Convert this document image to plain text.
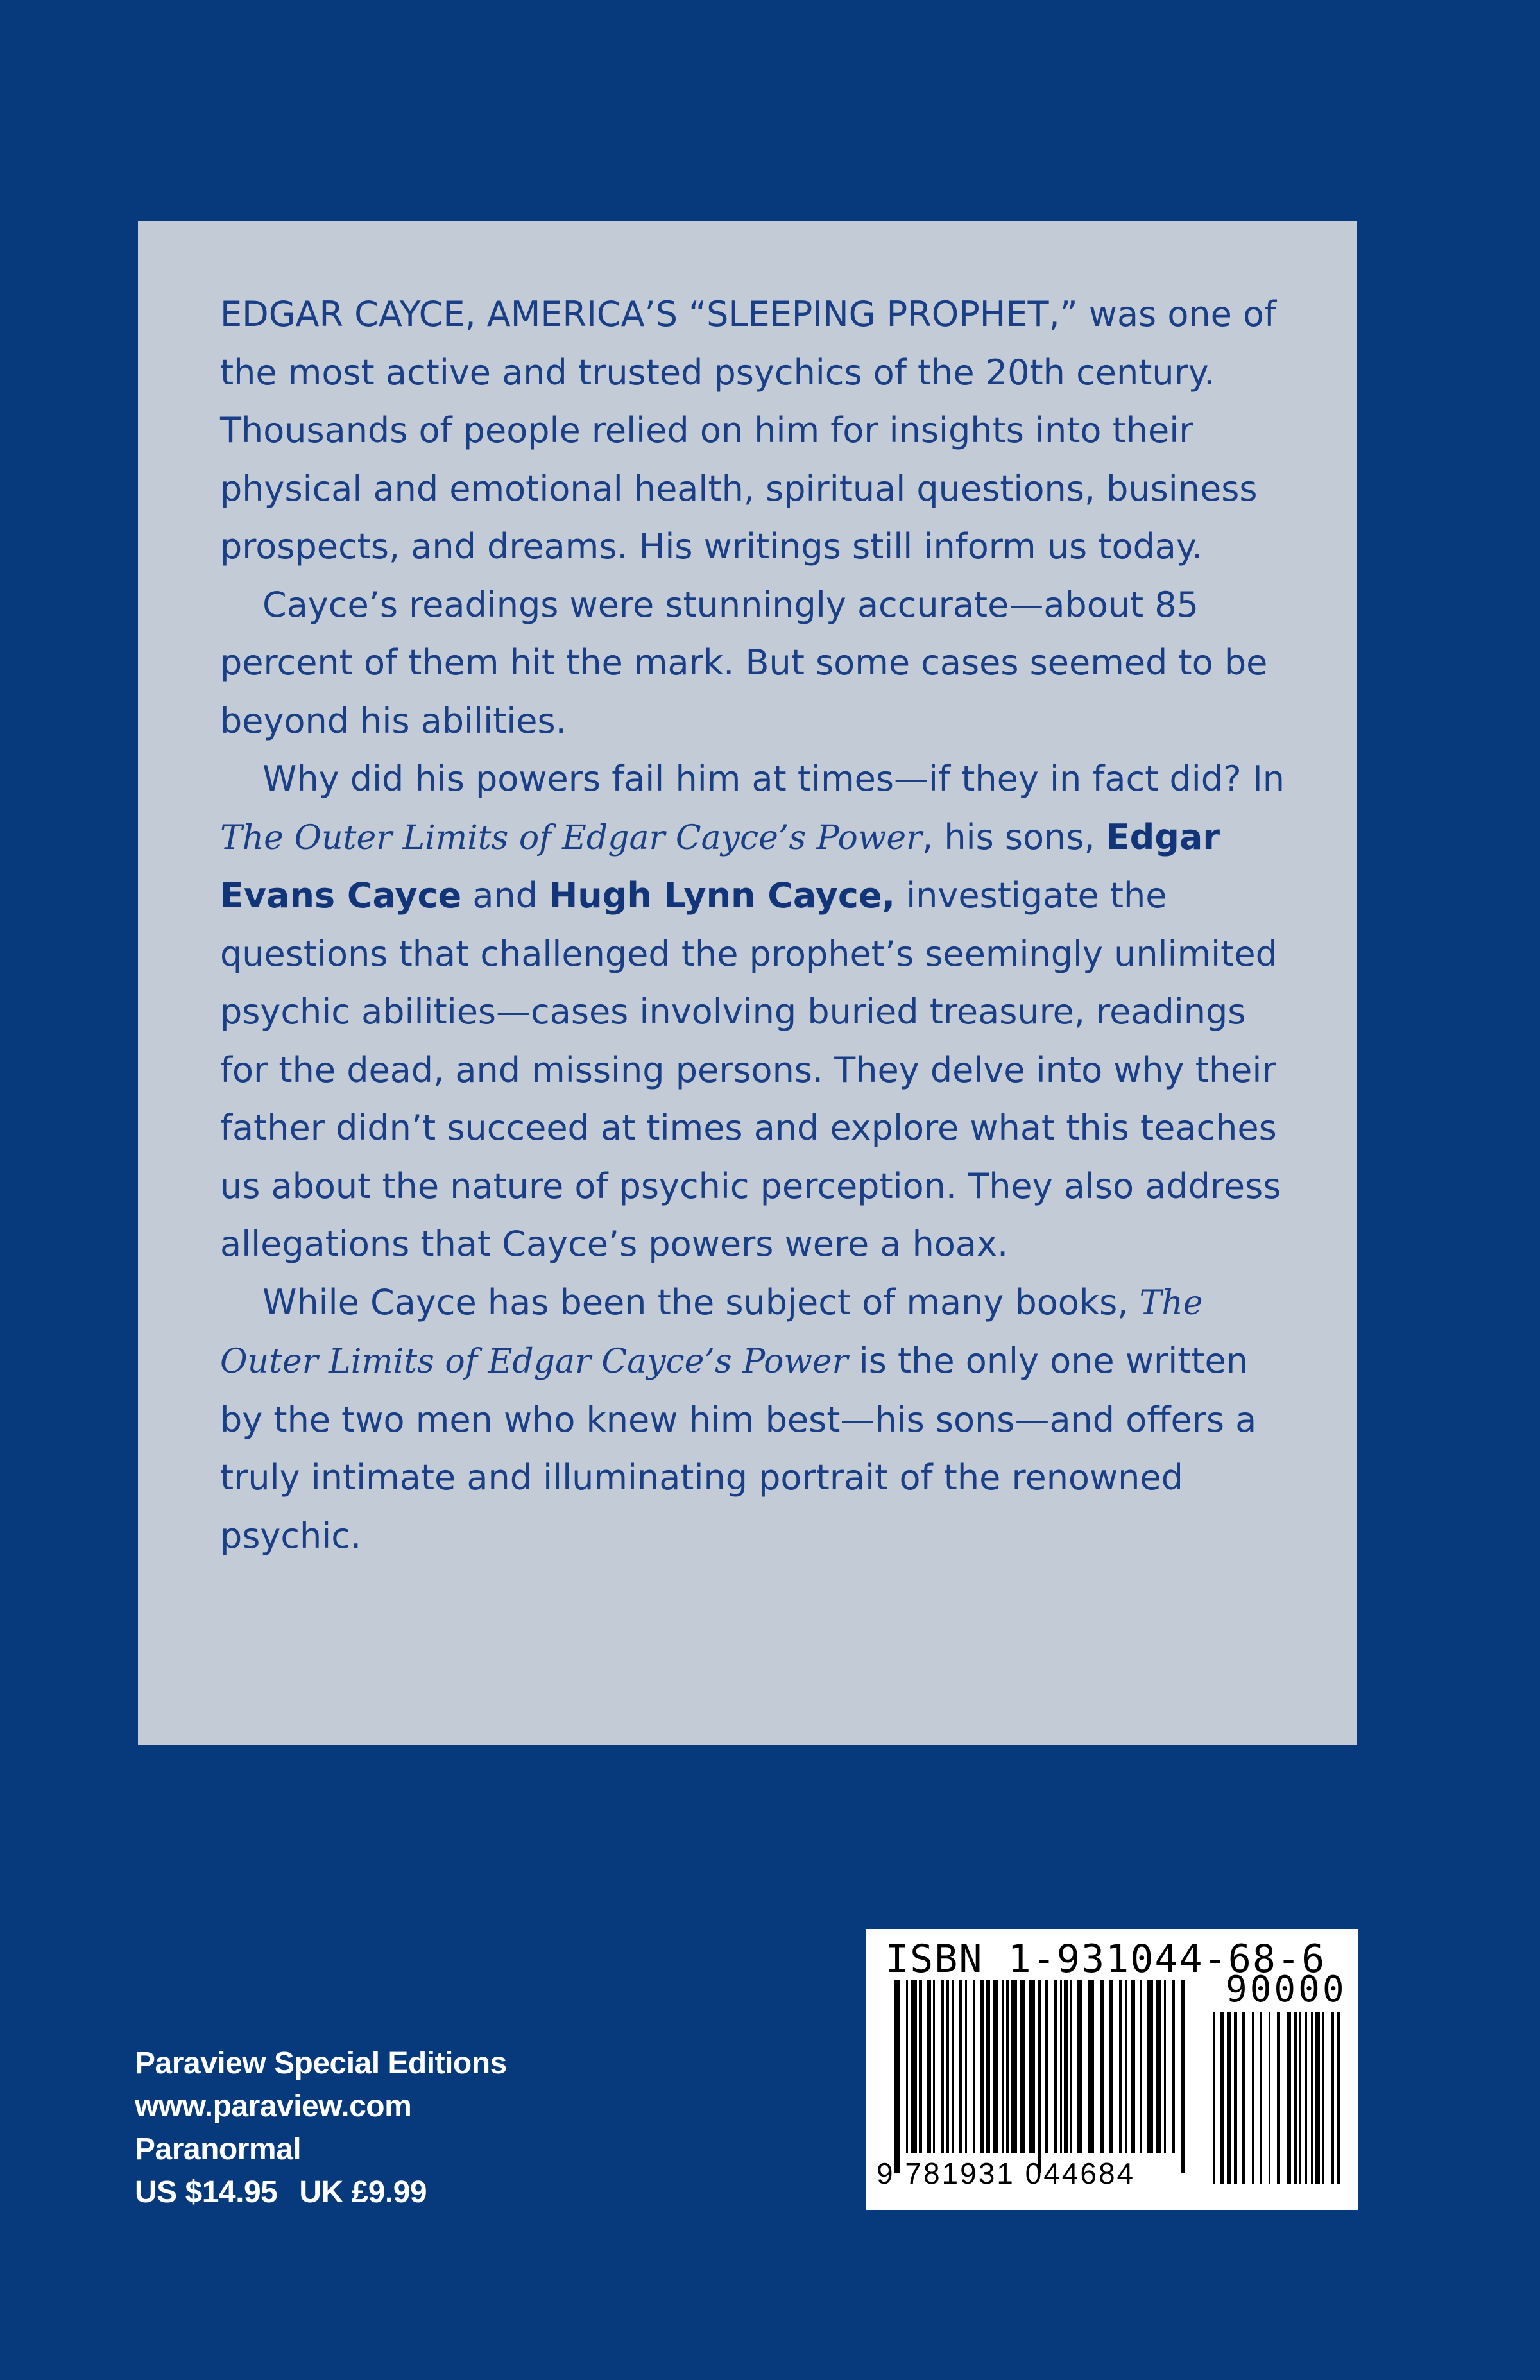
EDGAR CAYCE, AMERICA’S “SLEEPING PROPHET,” was one of the most active and trusted psychics of the 20th century. Thousands of people relied on him for insights into their physical and emotional health, spiritual questions, business prospects, and dreams. His writings still inform us today.

Cayce’s readings were stunningly accurate—about 85 percent of them hit the mark. But some cases seemed to be beyond his abilities.

Why did his powers fail him at times—if they in fact did? In The Outer Limits of Edgar Cayce’s Power, his sons, Edgar Evans Cayce and Hugh Lynn Cayce, investigate the questions that challenged the prophet’s seemingly unlimited psychic abilities—cases involving buried treasure, readings for the dead, and missing persons. They delve into why their father didn’t succeed at times and explore what this teaches us about the nature of psychic perception. They also address allegations that Cayce’s powers were a hoax.

While Cayce has been the subject of many books, The Outer Limits of Edgar Cayce’s Power is the only one written by the two men who knew him best—his sons—and offers a truly intimate and illuminating portrait of the renowned psychic.

Paraview Special Editions
www.paraview.com
Paranormal
US $14.95 UK £9.99
ISBN 1-931044-68-6
90000
9 781931 044684
